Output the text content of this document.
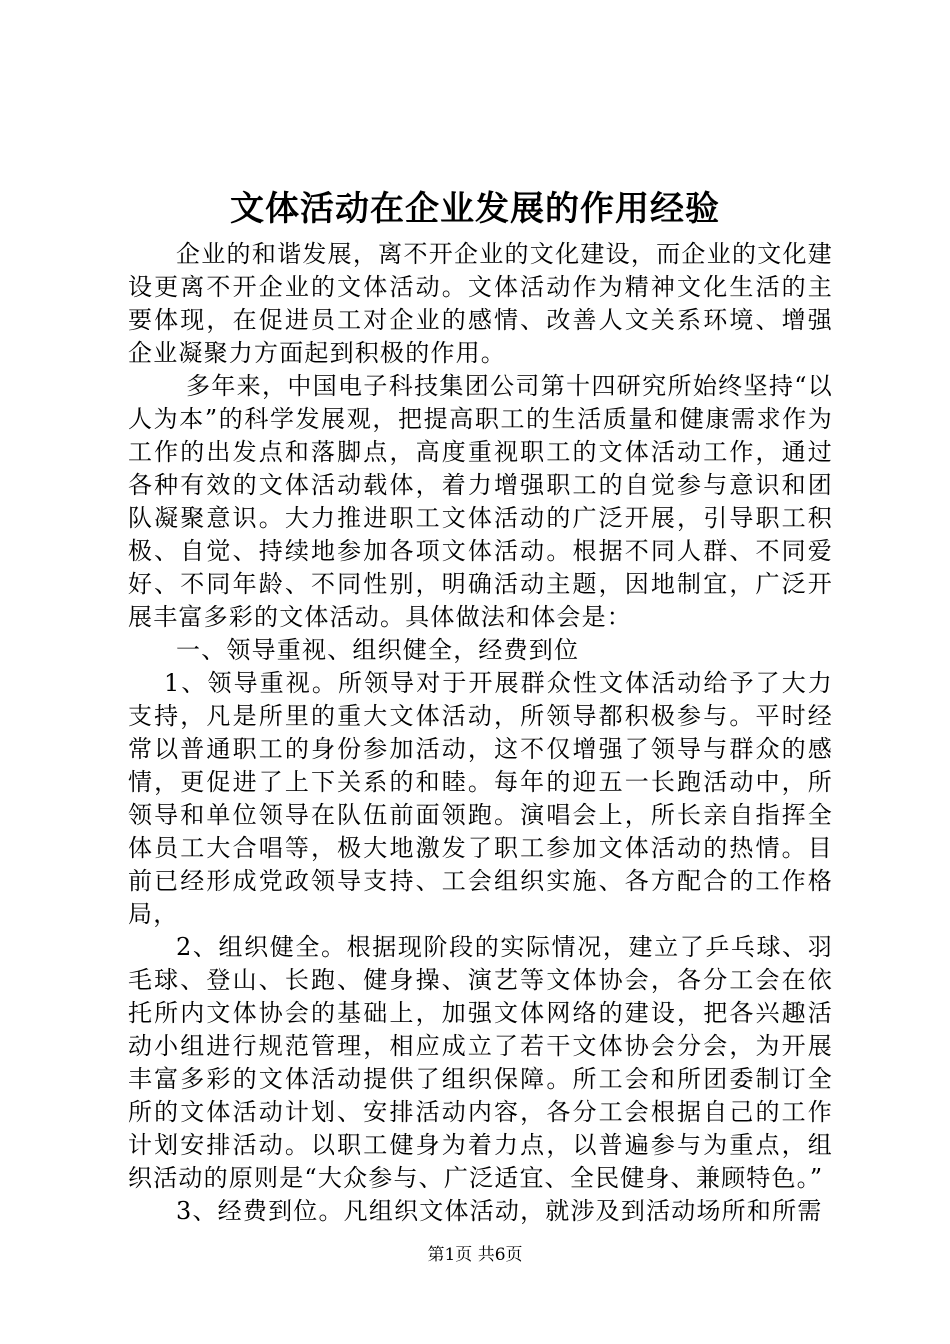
文体活动在企业发展的作用经验

企业的和谐发展，离不开企业的文化建设，而企业的文化建设更离不开企业的文体活动。文体活动作为精神文化生活的主要体现，在促进员工对企业的感情、改善人文关系环境、增强企业凝聚力方面起到积极的作用。

多年来，中国电子科技集团公司第十四研究所始终坚持“以人为本”的科学发展观，把提高职工的生活质量和健康需求作为工作的出发点和落脚点，高度重视职工的文体活动工作，通过各种有效的文体活动载体，着力增强职工的自觉参与意识和团队凝聚意识。大力推进职工文体活动的广泛开展，引导职工积极、自觉、持续地参加各项文体活动。根据不同人群、不同爱好、不同年龄、不同性别，明确活动主题，因地制宜，广泛开展丰富多彩的文体活动。具体做法和体会是：

一、领导重视、组织健全，经费到位

1、领导重视。所领导对于开展群众性文体活动给予了大力支持，凡是所里的重大文体活动，所领导都积极参与。平时经常以普通职工的身份参加活动，这不仅增强了领导与群众的感情，更促进了上下关系的和睦。每年的迎五一长跑活动中，所领导和单位领导在队伍前面领跑。演唱会上，所长亲自指挥全体员工大合唱等，极大地激发了职工参加文体活动的热情。目前已经形成党政领导支持、工会组织实施、各方配合的工作格局，

2、组织健全。根据现阶段的实际情况，建立了乒乓球、羽毛球、登山、长跑、健身操、演艺等文体协会，各分工会在依托所内文体协会的基础上，加强文体网络的建设，把各兴趣活动小组进行规范管理，相应成立了若干文体协会分会，为开展丰富多彩的文体活动提供了组织保障。所工会和所团委制订全所的文体活动计划、安排活动内容，各分工会根据自己的工作计划安排活动。以职工健身为着力点，以普遍参与为重点，组织活动的原则是“大众参与、广泛适宜、全民健身、兼顾特色。”

3、经费到位。凡组织文体活动，就涉及到活动场所和所需

第1页 共6页
